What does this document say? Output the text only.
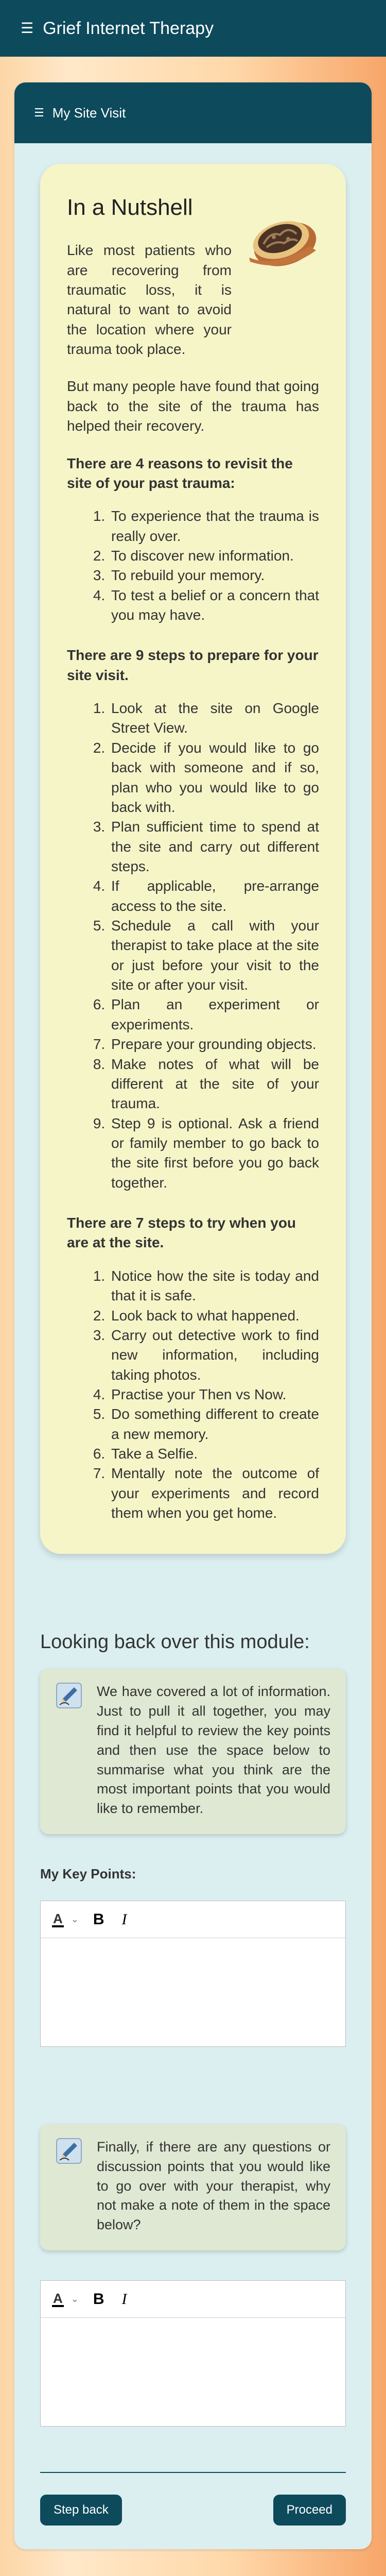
☰ Grief Internet Therapy
☰ My Site Visit
In a Nutshell

Like most patients who are recovering from traumatic loss, it is natural to want to avoid the location where your trauma took place.

But many people have found that going back to the site of the trauma has helped their recovery.

There are 4 reasons to revisit the site of your past trauma:

1. To experience that the trauma is really over.
2. To discover new information.
3. To rebuild your memory.
4. To test a belief or a concern that you may have.

There are 9 steps to prepare for your site visit.

1. Look at the site on Google Street View.
2. Decide if you would like to go back with someone and if so, plan who you would like to go back with.
3. Plan sufficient time to spend at the site and carry out different steps.
4. If applicable, pre-arrange access to the site.
5. Schedule a call with your therapist to take place at the site or just before your visit to the site or after your visit.
6. Plan an experiment or experiments.
7. Prepare your grounding objects.
8. Make notes of what will be different at the site of your trauma.
9. Step 9 is optional. Ask a friend or family member to go back to the site first before you go back together.

There are 7 steps to try when you are at the site.

1. Notice how the site is today and that it is safe.
2. Look back to what happened.
3. Carry out detective work to find new information, including taking photos.
4. Practise your Then vs Now.
5. Do something different to create a new memory.
6. Take a Selfie.
7. Mentally note the outcome of your experiments and record them when you get home.
Looking back over this module:

We have covered a lot of information. Just to pull it all together, you may find it helpful to review the key points and then use the space below to summarise what you think are the most important points that you would like to remember.

My Key Points:
A ⌄ B I

Finally, if there are any questions or discussion points that you would like to go over with your therapist, why not make a note of them in the space below?

A ⌄ B I
Step back	Proceed
